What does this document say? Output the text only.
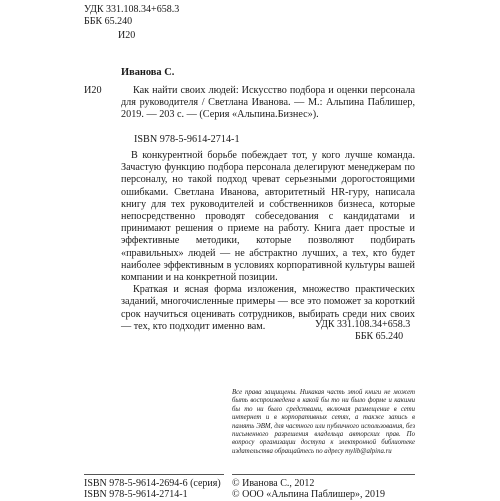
УДК 331.108.34+658.3
ББК 65.240
И20
Иванова С.
И20	Как найти своих людей: Искусство подбора и оценки персонала для руководителя / Светлана Иванова. — М.: Альпина Паблишер, 2019. — 203 с. — (Серия «Альпина.Бизнес»).
ISBN 978-5-9614-2714-1

В конкурентной борьбе побеждает тот, у кого лучше команда. Зачастую функцию подбора персонала делегируют менеджерам по персоналу, но такой подход чреват серьезными дорогостоящими ошибками. Светлана Иванова, авторитетный HR-гуру, написала книгу для тех руководителей и собственников бизнеса, которые непосредственно проводят собеседования с кандидатами и принимают решения о приеме на работу. Книга дает простые и эффективные методики, которые позволяют подбирать «правильных» людей — не абстрактно лучших, а тех, кто будет наиболее эффективным в условиях корпоративной культуры вашей компании и на конкретной позиции.

Краткая и ясная форма изложения, множество практических заданий, многочисленные примеры — все это поможет за короткий срок научиться оценивать сотрудников, выбирать среди них своих — тех, кто подходит именно вам.	УДК 331.108.34+658.3
ББК 65.240
Все права защищены. Никакая часть этой книги не может быть воспроизведена в какой бы то ни было форме и какими бы то ни было средствами, включая размещение в сети интернет и в корпоративных сетях, а также запись в память ЭВМ, для частного или публичного использования, без письменного разрешения владельца авторских прав. По вопросу организации доступа к электронной библиотеке издательства обращайтесь по адресу mylib@alpina.ru
ISBN 978-5-9614-2694-6 (серия)
ISBN 978-5-9614-2714-1
© Иванова С., 2012
© ООО «Альпина Паблишер», 2019
